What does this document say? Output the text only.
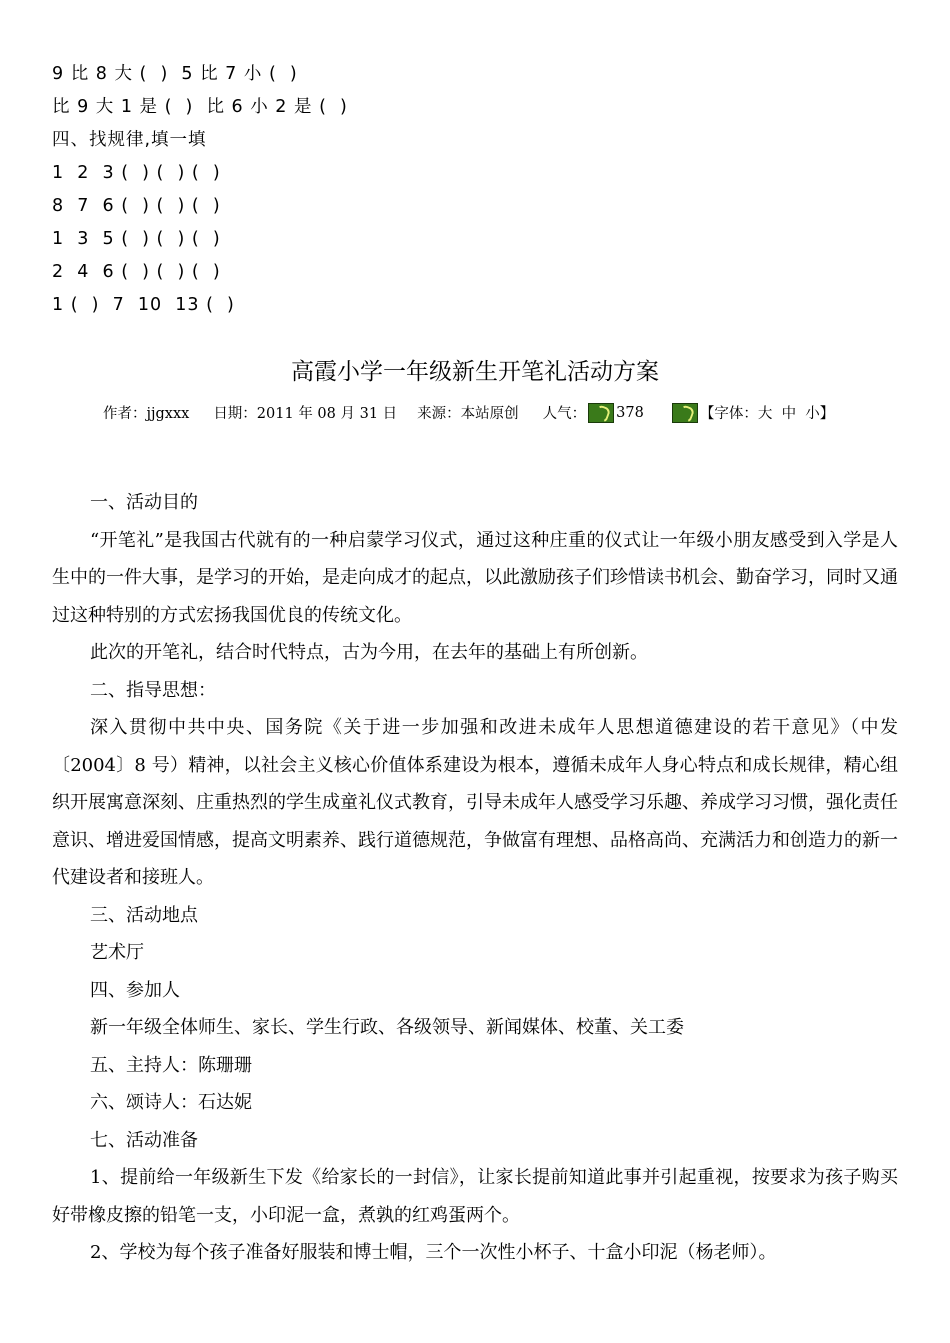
9 比 8 大 (  )  5 比 7 小 (  )
比 9 大 1 是 (  )  比 6 小 2 是 (  )
四、找规律,填一填
1  2  3 (  ) (  ) (  )
8  7  6 (  ) (  ) (  )
1  3  5 (  ) (  ) (  )
2  4  6 (  ) (  ) (  )
1 (  )  7  10  13 (  )
高霞小学一年级新生开笔礼活动方案
作者：jjgxxx 日期：2011 年 08 月 31 日 来源：本站原创 人气： 378	【字体：大  中  小】

一、活动目的

“开笔礼”是我国古代就有的一种启蒙学习仪式，通过这种庄重的仪式让一年级小朋友感受到入学是人生中的一件大事，是学习的开始，是走向成才的起点，以此激励孩子们珍惜读书机会、勤奋学习，同时又通过这种特别的方式宏扬我国优良的传统文化。

此次的开笔礼，结合时代特点，古为今用，在去年的基础上有所创新。

二、指导思想：

深入贯彻中共中央、国务院《关于进一步加强和改进未成年人思想道德建设的若干意见》（中发〔2004〕8 号）精神，以社会主义核心价值体系建设为根本，遵循未成年人身心特点和成长规律，精心组织开展寓意深刻、庄重热烈的学生成童礼仪式教育，引导未成年人感受学习乐趣、养成学习习惯，强化责任意识、增进爱国情感，提高文明素养、践行道德规范，争做富有理想、品格高尚、充满活力和创造力的新一代建设者和接班人。

三、活动地点

艺术厅

四、参加人

新一年级全体师生、家长、学生行政、各级领导、新闻媒体、校董、关工委

五、主持人：陈珊珊

六、颂诗人：石达妮

七、活动准备

1、提前给一年级新生下发《给家长的一封信》，让家长提前知道此事并引起重视，按要求为孩子购买好带橡皮擦的铅笔一支，小印泥一盒，煮孰的红鸡蛋两个。

2、学校为每个孩子准备好服装和博士帽，三个一次性小杯子、十盒小印泥（杨老师）。
